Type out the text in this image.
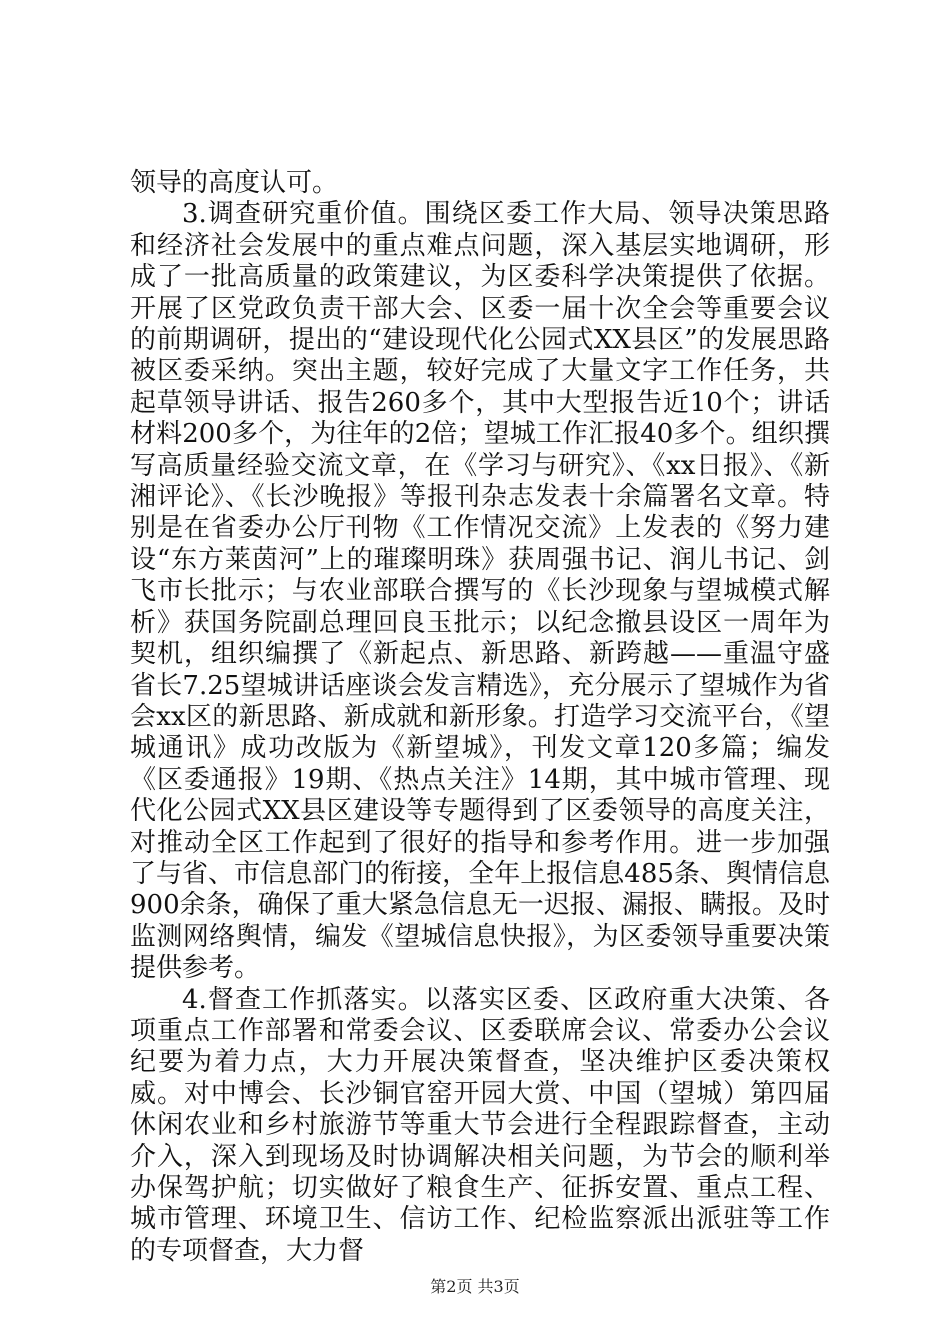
领导的高度认可。

3.调查研究重价值。围绕区委工作大局、领导决策思路和经济社会发展中的重点难点问题，深入基层实地调研，形成了一批高质量的政策建议，为区委科学决策提供了依据。开展了区党政负责干部大会、区委一届十次全会等重要会议的前期调研，提出的“建设现代化公园式XX县区”的发展思路被区委采纳。突出主题，较好完成了大量文字工作任务，共起草领导讲话、报告260多个，其中大型报告近10个；讲话材料200多个，为往年的2倍；望城工作汇报40多个。组织撰写高质量经验交流文章，在《学习与研究》、《xx日报》、《新湘评论》、《长沙晚报》等报刊杂志发表十余篇署名文章。特别是在省委办公厅刊物《工作情况交流》上发表的《努力建设“东方莱茵河”上的璀璨明珠》获周强书记、润儿书记、剑飞市长批示；与农业部联合撰写的《长沙现象与望城模式解析》获国务院副总理回良玉批示；以纪念撤县设区一周年为契机，组织编撰了《新起点、新思路、新跨越——重温守盛省长7.25望城讲话座谈会发言精选》，充分展示了望城作为省会xx区的新思路、新成就和新形象。打造学习交流平台，《望城通讯》成功改版为《新望城》，刊发文章120多篇；编发《区委通报》19期、《热点关注》14期，其中城市管理、现代化公园式XX县区建设等专题得到了区委领导的高度关注，对推动全区工作起到了很好的指导和参考作用。进一步加强了与省、市信息部门的衔接，全年上报信息485条、舆情信息900余条，确保了重大紧急信息无一迟报、漏报、瞒报。及时监测网络舆情，编发《望城信息快报》，为区委领导重要决策提供参考。

4.督查工作抓落实。以落实区委、区政府重大决策、各项重点工作部署和常委会议、区委联席会议、常委办公会议纪要为着力点，大力开展决策督查，坚决维护区委决策权威。对中博会、长沙铜官窑开园大赏、中国（望城）第四届休闲农业和乡村旅游节等重大节会进行全程跟踪督查，主动介入，深入到现场及时协调解决相关问题，为节会的顺利举办保驾护航；切实做好了粮食生产、征拆安置、重点工程、城市管理、环境卫生、信访工作、纪检监察派出派驻等工作的专项督查，大力督

第2页 共3页
